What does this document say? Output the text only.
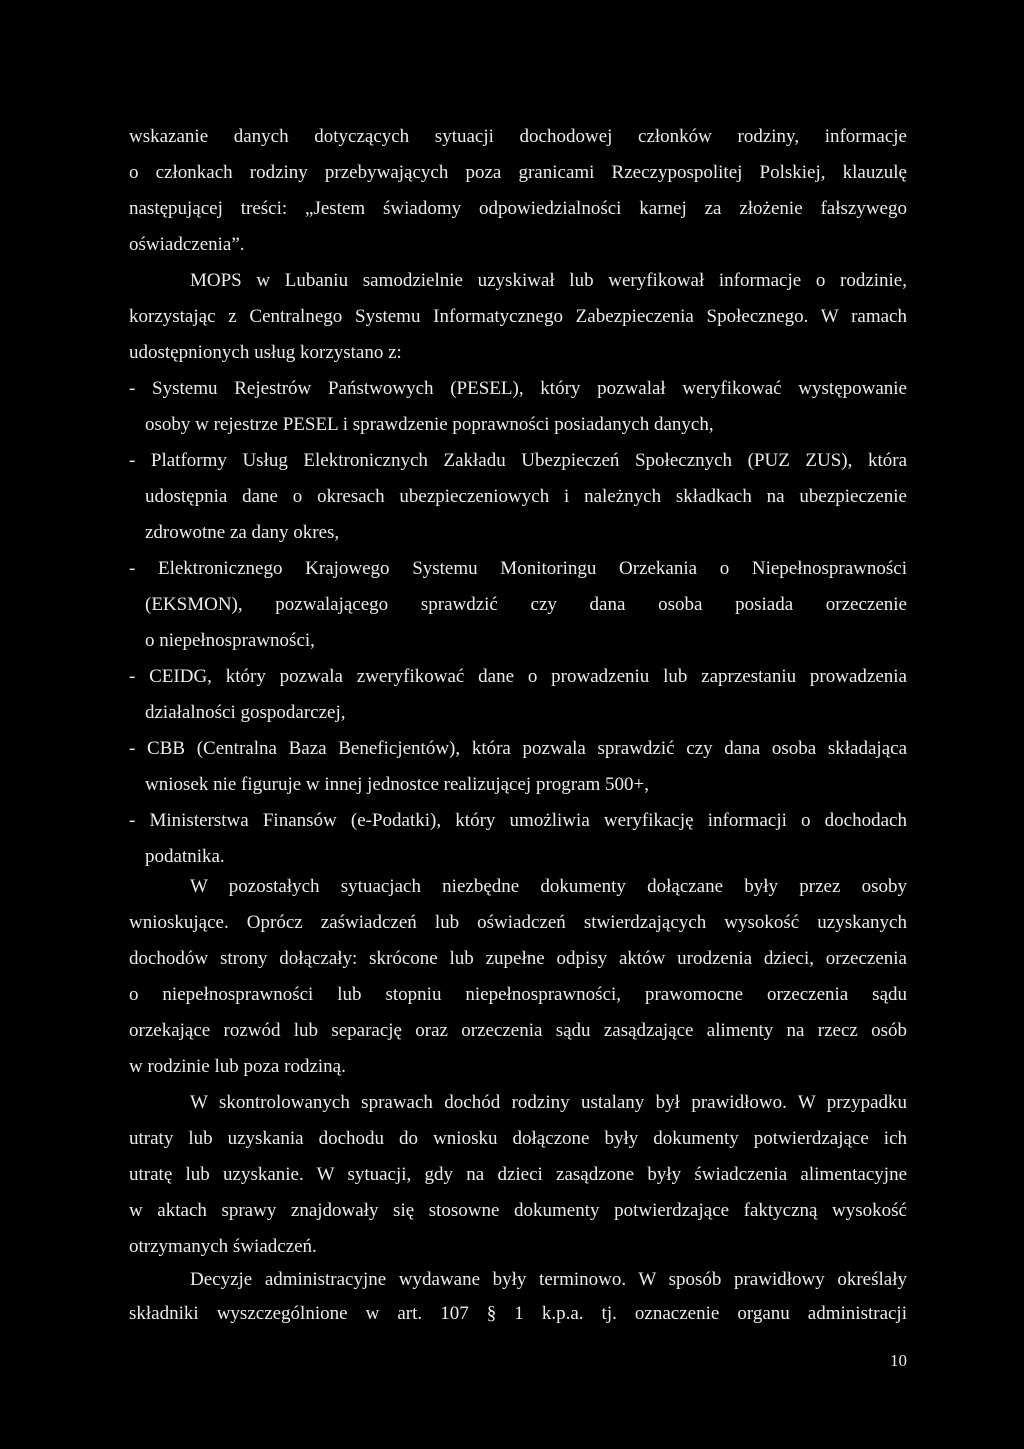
wskazanie danych dotyczących sytuacji dochodowej członków rodziny, informacje
o członkach rodziny przebywających poza granicami Rzeczypospolitej Polskiej, klauzulę
następującej treści: „Jestem świadomy odpowiedzialności karnej za złożenie fałszywego
oświadczenia”.
MOPS w Lubaniu samodzielnie uzyskiwał lub weryfikował informacje o rodzinie,
korzystając z Centralnego Systemu Informatycznego Zabezpieczenia Społecznego. W ramach
udostępnionych usług korzystano z:
- Systemu Rejestrów Państwowych (PESEL), który pozwalał weryfikować występowanie
osoby w rejestrze PESEL i sprawdzenie poprawności posiadanych danych,
- Platformy Usług Elektronicznych Zakładu Ubezpieczeń Społecznych (PUZ ZUS), która
udostępnia dane o okresach ubezpieczeniowych i należnych składkach na ubezpieczenie
zdrowotne za dany okres,
- Elektronicznego Krajowego Systemu Monitoringu Orzekania o Niepełnosprawności
(EKSMON), pozwalającego sprawdzić czy dana osoba posiada orzeczenie
o niepełnosprawności,
- CEIDG, który pozwala zweryfikować dane o prowadzeniu lub zaprzestaniu prowadzenia
działalności gospodarczej,
- CBB (Centralna Baza Beneficjentów), która pozwala sprawdzić czy dana osoba składająca
wniosek nie figuruje w innej jednostce realizującej program 500+,
- Ministerstwa Finansów (e-Podatki), który umożliwia weryfikację informacji o dochodach
podatnika.
W pozostałych sytuacjach niezbędne dokumenty dołączane były przez osoby
wnioskujące. Oprócz zaświadczeń lub oświadczeń stwierdzających wysokość uzyskanych
dochodów strony dołączały: skrócone lub zupełne odpisy aktów urodzenia dzieci, orzeczenia
o niepełnosprawności lub stopniu niepełnosprawności, prawomocne orzeczenia sądu
orzekające rozwód lub separację oraz orzeczenia sądu zasądzające alimenty na rzecz osób
w rodzinie lub poza rodziną.
W skontrolowanych sprawach dochód rodziny ustalany był prawidłowo. W przypadku
utraty lub uzyskania dochodu do wniosku dołączone były dokumenty potwierdzające ich
utratę lub uzyskanie. W sytuacji, gdy na dzieci zasądzone były świadczenia alimentacyjne
w aktach sprawy znajdowały się stosowne dokumenty potwierdzające faktyczną wysokość
otrzymanych świadczeń.
Decyzje administracyjne wydawane były terminowo. W sposób prawidłowy określały
składniki wyszczególnione w art. 107 § 1 k.p.a. tj. oznaczenie organu administracji
10
